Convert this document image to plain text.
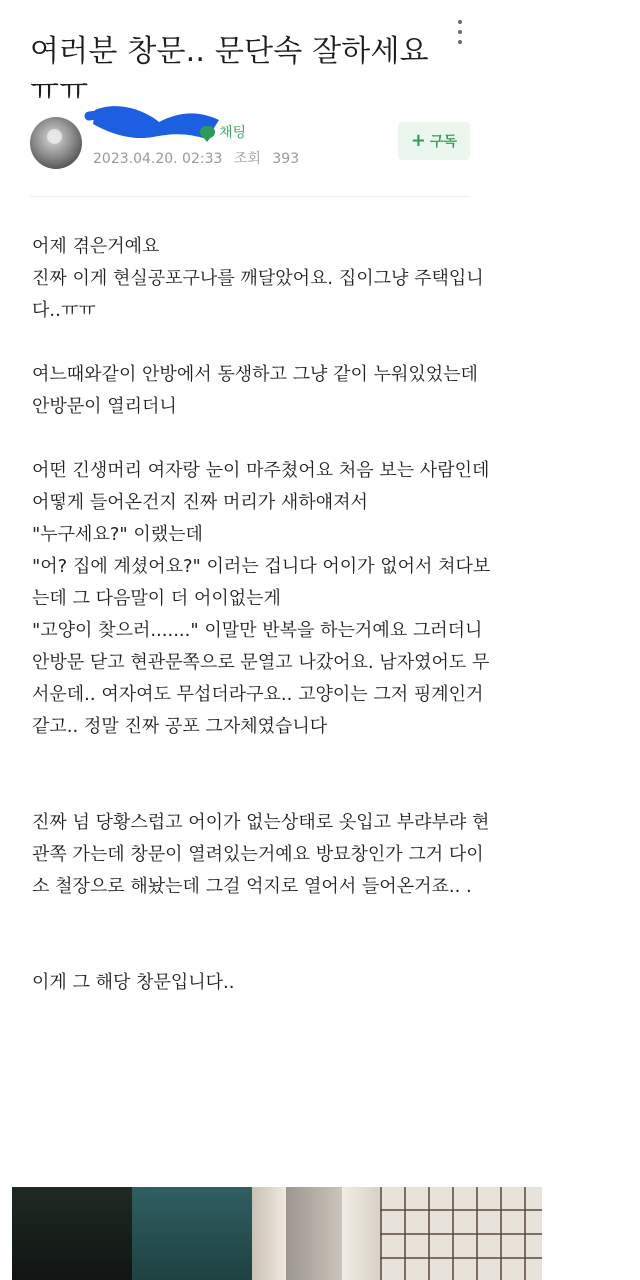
여러분 창문.. 문단속 잘하세요
ㅠㅠ
채팅
2023.04.20. 02:33 조회 393
+ 구독
어제 겪은거예요
진짜 이게 현실공포구나를 깨달았어요. 집이그냥 주택입니다..ㅠㅠ

여느때와같이 안방에서 동생하고 그냥 같이 누워있었는데 안방문이 열리더니

어떤 긴생머리 여자랑 눈이 마주쳤어요 처음 보는 사람인데 어떻게 들어온건지 진짜 머리가 새하얘져서
"누구세요?" 이랬는데
"어? 집에 계셨어요?" 이러는 겁니다 어이가 없어서 쳐다보는데 그 다음말이 더 어이없는게
"고양이 찾으러......." 이말만 반복을 하는거예요 그러더니 안방문 닫고 현관문쪽으로 문열고 나갔어요. 남자였어도 무서운데.. 여자여도 무섭더라구요.. 고양이는 그저 핑계인거같고.. 정말 진짜 공포 그자체였습니다

진짜 넘 당황스럽고 어이가 없는상태로 옷입고 부랴부랴 현관쪽 가는데 창문이 열려있는거예요 방묘창인가 그거 다이소 철장으로 해놨는데 그걸 억지로 열어서 들어온거죠.. .

이게 그 해당 창문입니다..
